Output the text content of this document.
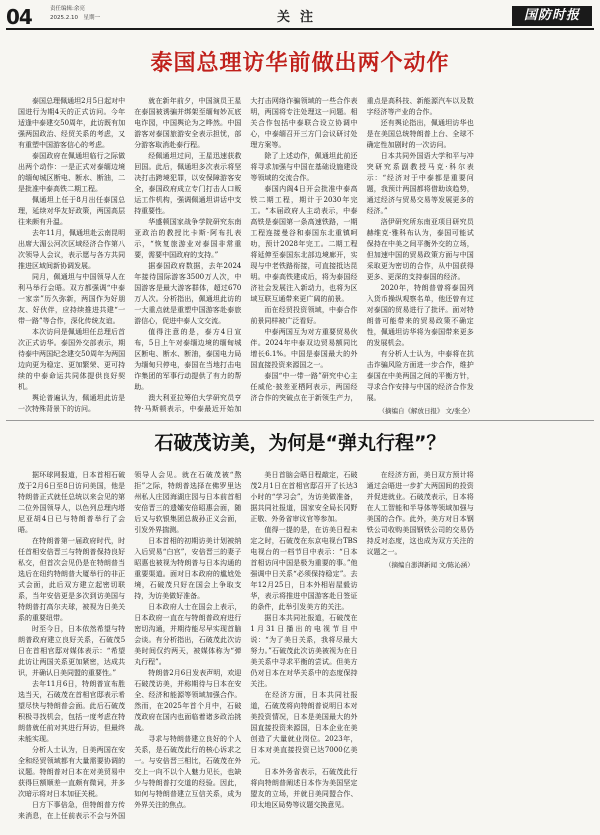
04	责任编辑:余亮
2025.2.10　星期一	关注	国防时报
泰国总理访华前做出两个动作

泰国总理佩通坦2月5日起对中国进行为期4天的正式访问。今年适逢中泰建交50周年，此访既有加强两国政治、经贸关系的考虑，又有重塑中国游客信心的考虑。

泰国政府在佩通坦临行之际做出两个动作：一是正式对泰缅边境的缅甸城区断电、断水、断油，二是批准中泰高铁二期工程。

佩通坦上任于8月出任泰国总理，延续对华友好政策，两国高层往来颇有升温。

去年11月，佩通坦赴云南昆明出席大湄公河次区域经济合作第八次领导人会议，表示愿与各方共同推进区域间新协调发展。

同月，佩通坦与中国领导人在利马举行会晤。双方都强调“中泰一家亲”历久弥新，两国作为好朋友、好伙伴，应持续推进共建“一带一路”等合作，深化传统友谊。

本次访问是佩通坦任总理后首次正式访华。泰国外交部表示，期待泰中两国纪念建交50周年为两国边向更为稳定、更加繁荣、更可持续的中泰命运共同体提供良好契机。

舆论普遍认为，佩通坦此访是一次特殊背景下的访问。

就在新年前夕，中国演员王星在泰国被诱骗并绑架至缅甸妙瓦底电诈园，中国舆论为之哗然。中国游客对泰国旅游安全表示担忧，部分游客取消赴泰行程。

经佩通坦过问，王星迅速获救回国。此后，佩通坦多次表示将坚决打击跨境犯罪，以安保障游客安全，泰国政府成立专门打击人口贩运工作机构，强调佩通坦讲话中支持重要性。

华盛顿国家战争学院研究东南亚政治的教授比卡斯·阿布扎表示，“恢复旅游业对泰国非常重要，需要中国政府的支持。”

据泰国政府数据，去年2024年接待国际游客3500万人次，中国游客是最大游客群体，超过670万人次。分析指出，佩通坦此访的一大重点就是重塑中国游客赴泰旅游信心，促进中泰人文交流。

值得注意的是，泰方4日宣布，5日上午对泰缅边境的缅甸城区断电、断水、断油，泰国电力局为缅甸只停电，泰国在当地打击电诈集团的军事行动提供了有力的帮助。

澳大利亚拉筹伯大学研究员亨特·马斯顿表示，中泰最近开始加大打击网络诈骗领域的一些合作表明，两国将专注处理这一问题。相关合作包括中泰联合设立协调中心，中泰缅召开三方门会议研讨处理方案等。

除了上述动作，佩通坦此前还将寻求加强与中国在基础设施建设等领域的交流合作。

泰国内阁4日开会批准中泰高铁二期工程，期计于2030年完工。“本届政府人主动表示，中泰高铁是泰国第一条高速铁路，一期工程连接曼谷和泰国东北重镇呵叻，预计2028年完工。二期工程将延伸至泰国东北部边境廊开，实现与中老铁路衔接，可直接抵达昆明。中泰高铁建成后，将为泰国经济社会发展注入新动力，也将为区域互联互通带来更广阔的前景。

而在经贸投资领域，中泰合作前景同样被广泛看好。

中泰两国互为对方重要贸易伙伴。2024年中泰双边贸易额同比增长6.1%。中国是泰国最大的外国直接投资来源国之一。

泰国“中一带一路”研究中心主任威伦·披差亚栖阿表示，两国经济合作的突破点在于新领生产力，重点是高科技、新能源汽车以及数字经济等产业的合作。

还有舆论指出，佩通坦访华也是在美国总统特朗普上台、全球不确定性加剧时的一次访问。

日本共同外国语大学和平与冲突研究系副教授马克·科尔表示：“经济对于中泰都是重要问题，我预计两国都将借助该趋势，通过经济与贸易交易等发展更多的经济。”

洛伊研究所东南亚项目研究员赫维克·雅科布认为，泰国可能试保持在中美之间平衡外交的立场，但加速中国的贸易政策方面与中国采取更为密切的合作，从中国获得更多、更深的支持泰国的经济。

2020年，特朗普曾将泰国列入货币操纵观察名单，他还曾有过对泰国的贸易进行了批评。面对特朗普可能带来的贸易政策不确定性，佩通坦访华将为泰国带来更多的发展机会。

有分析人士认为，中泰将在抗击诈骗风险方面进一步合作，维护泰国在中美两国之间的平衡方针，寻求合作安排与中国的经济合作发展。

（摘编自《解放日报》 文/张全）
石破茂访美，为何是“弹丸行程”？

据环球网报道，日本首相石破茂于2月6日至8日访问美国，他是特朗普正式就任总统以来会见的第二位外国领导人，以色列总理内塔尼亚胡4日已与特朗普举行了会晤。

在特朗普第一届政府时代，时任首相安倍晋三与特朗普保持良好私交，但首次会见仍是在特朗普当选后在纽约特朗普大厦举行的非正式会面，此后双方建立起密切联系，当年安倍更是多次到访美国与特朗普打高尔夫球，被视为日美关系的重要纽带。

时至今日，日本依然希望与特朗普政府建立良好关系，石破茂5日在首相官邸对媒体表示：“希望此访让两国关系更加紧密，达成共识，并确认日美同盟的重要性。”

去年11月6日，特朗普宣布胜选当天，石破茂在首相官邸表示希望尽快与特朗普会面。此后石破茂积极寻找机会，包括一度考虑在特朗普就任前对其进行拜访，但最终未能实现。

分析人士认为，日美两国在安全和经贸领域都有大量需要协调的议题。特朗普对日本在对美贸易中获得巨额顺差一直颇有微词，并多次暗示将对日本加征关税。

日方下事倍急，但特朗普方传来消息，在上任前表示不会与外国领导人会见。就在石破茂被“熬拒”之际，特朗普选择在佛罗里达州私人庄园海湖庄园与日本前首相安倍晋三的遗孀安倍昭惠会面，随后又与软银集团总裁孙正义会面，引发外界揣测。

日本首相的初期访美计划被纳入后贸易“白宫”，安倍晋三的妻子昭惠也被视为特朗普与日本沟通的重要渠道。面对日本政府的尴尬处境，石破茂只好在国会上争取支持，为访美做好准备。

日本政府人士在国会上表示，日本政府一直在与特朗普政府进行密切沟通，并期待能尽早实现首脑会谈。有分析指出，石破茂此次访美时间仅约两天，被媒体称为“弹丸行程”。

特朗普2月6日发表声明，欢迎石破茂访美，并称期待与日本在安全、经济和能源等领域加强合作。然而，在2025年首个月中，石破茂政府在国内也面临着诸多政治挑战。

寻求与特朗普建立良好的个人关系，是石破茂此行的核心诉求之一。与安倍晋三相比，石破茂在外交上一向不以个人魅力见长，也缺少与特朗普打交道的经验。因此，如何与特朗普建立互信关系，成为外界关注的焦点。

美日首脑会晤日程敲定，石破茂2月1日在首相官邸召开了长达3小时的“学习会”，为访美做准备，据共同社报道，国家安全局长冈野正敬、外务省审议官等参加。

值得一提的是，在访美日程未定之时，石破茂在东京电视台TBS电视台的一档节目中表示：“日本首相访问中国是极为重要的事。”他强调中日关系“必须保持稳定”。去年12月25日，日本外相岩屋毅访华，表示将推进中国游客赴日签证的条件，此举引发美方的关注。

据日本共同社报道，石破茂在1月31日播出的电视节目中说：“为了美日关系，我将尽最大努力。”石破茂此次访美被视为在日美关系中寻求平衡的尝试。但美方仍对日本在对华关系中的态度保持关注。

在经济方面，日本共同社报道，石破茂将向特朗普说明日本对美投资情况，日本是美国最大的外国直接投资来源国，日本企业在美创造了大量就业岗位。2023年，日本对美直接投资已达7000亿美元。

日本外务省表示，石破茂此行将向特朗普阐述日本作为美国坚定盟友的立场，并就日美同盟合作、印太地区局势等议题交换意见。

在经济方面，美日双方预计将通过会晤进一步扩大两国间的投资并促进就业。石破茂表示，日本将在人工智能和半导体等领域加强与美国的合作。此外，美方对日本钢铁公司收购美国钢铁公司的交易仍持反对态度，这也成为双方关注的议题之一。

（摘编自澎湃新闻 文/陈沁涵）
